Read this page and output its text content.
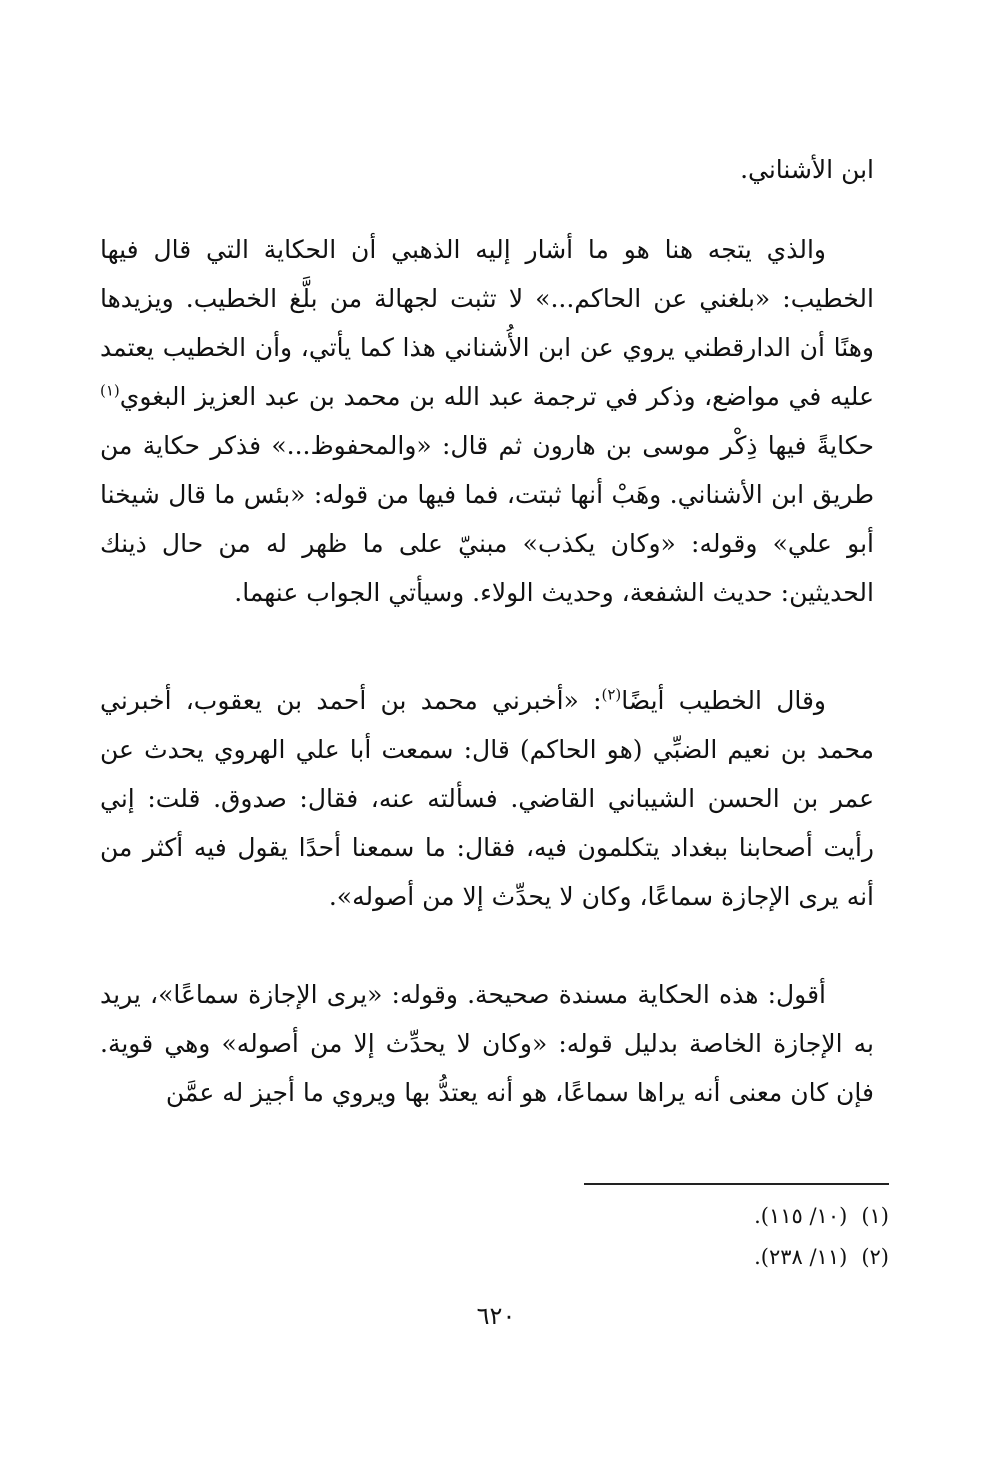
ابن الأشناني.

والذي يتجه هنا هو ما أشار إليه الذهبي أن الحكاية التي قال فيها الخطيب: «بلغني عن الحاكم...» لا تثبت لجهالة من بلَّغ الخطيب. ويزيدها وهنًا أن الدارقطني يروي عن ابن الأُشناني هذا كما يأتي، وأن الخطيب يعتمد عليه في مواضع، وذكر في ترجمة عبد الله بن محمد بن عبد العزيز البغوي$^{(١)}$ حكايةً فيها ذِكْر موسى بن هارون ثم قال: «والمحفوظ...» فذكر حكاية من طريق ابن الأشناني. وهَبْ أنها ثبتت، فما فيها من قوله: «بئس ما قال شيخنا أبو علي» وقوله: «وكان يكذب» مبنيّ على ما ظهر له من حال ذينك الحديثين: حديث الشفعة، وحديث الولاء. وسيأتي الجواب عنهما.

وقال الخطيب أيضًا$^{(٢)}$: «أخبرني محمد بن أحمد بن يعقوب، أخبرني محمد بن نعيم الضبِّي (هو الحاكم) قال: سمعت أبا علي الهروي يحدث عن عمر بن الحسن الشيباني القاضي. فسألته عنه، فقال: صدوق. قلت: إني رأيت أصحابنا ببغداد يتكلمون فيه، فقال: ما سمعنا أحدًا يقول فيه أكثر من أنه يرى الإجازة سماعًا، وكان لا يحدِّث إلا من أصوله».

أقول: هذه الحكاية مسندة صحيحة. وقوله: «يرى الإجازة سماعًا»، يريد به الإجازة الخاصة بدليل قوله: «وكان لا يحدِّث إلا من أصوله» وهي قوية. فإن كان معنى أنه يراها سماعًا، هو أنه يعتدُّ بها ويروي ما أجيز له عمَّن

(١)(١٠/ ١١٥).
(٢)(١١/ ٢٣٨).
٦٢٠
